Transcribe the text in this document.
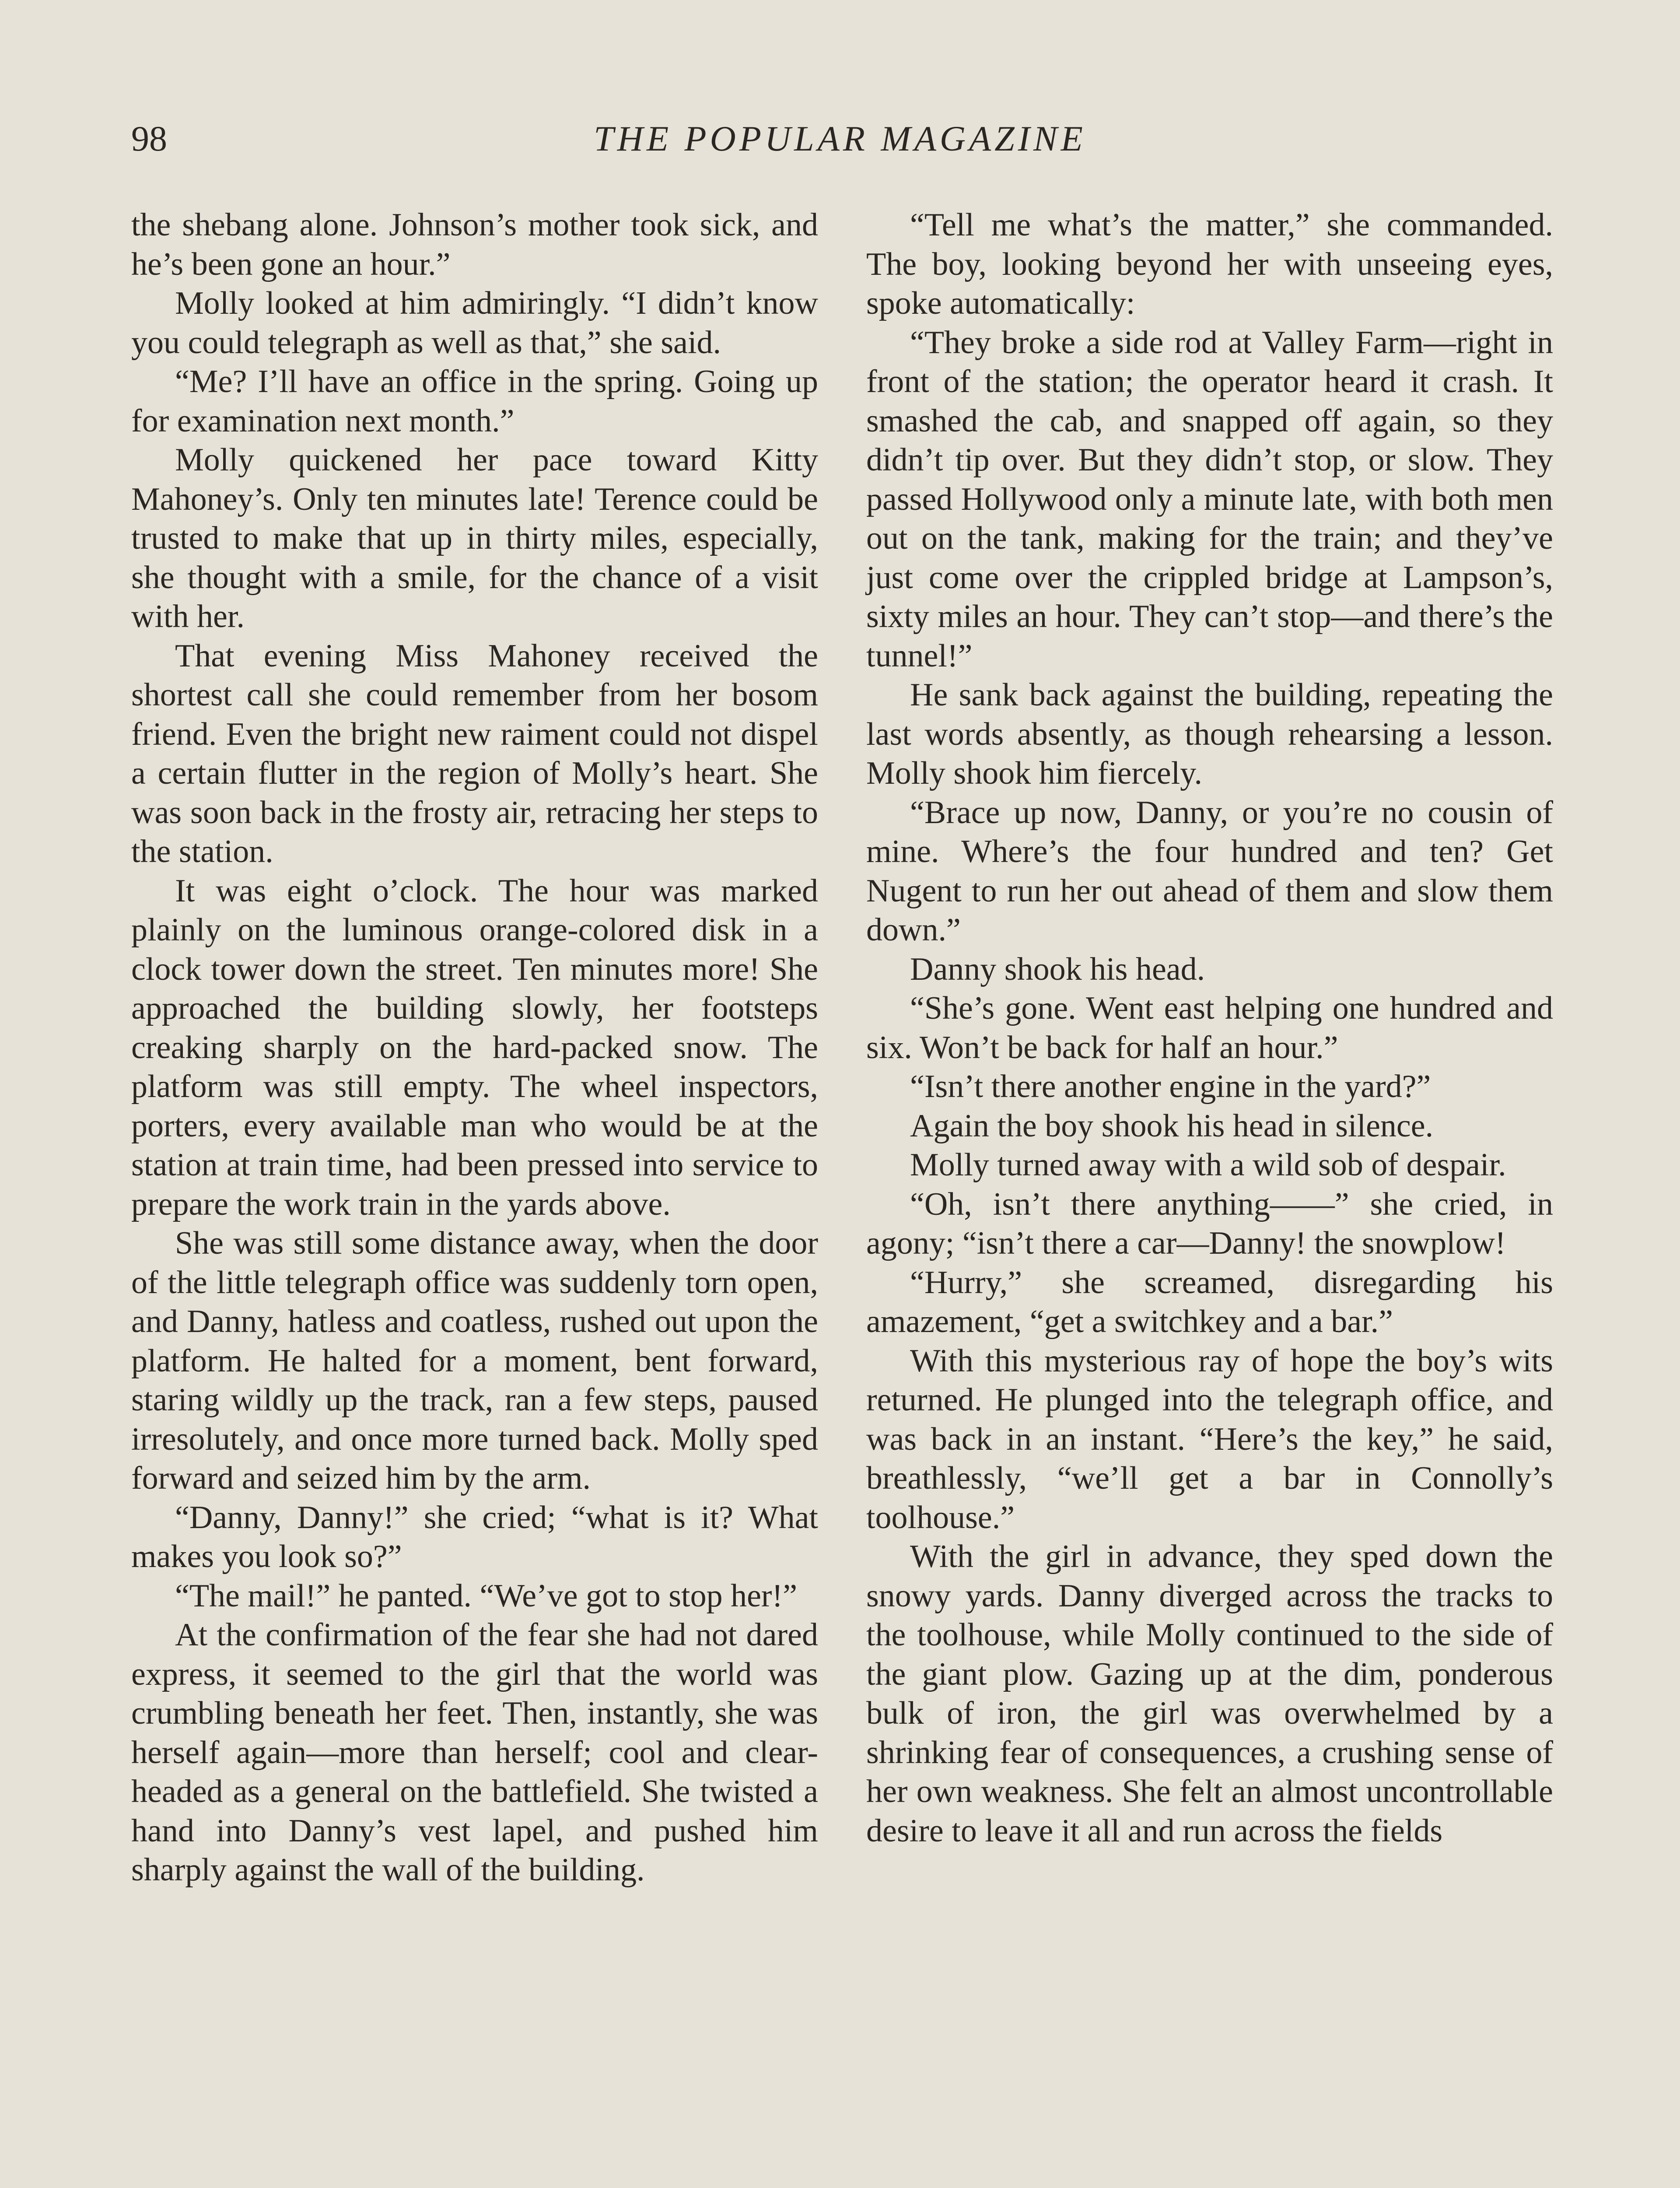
98	THE POPULAR MAGAZINE

the shebang alone. Johnson’s mother took sick, and he’s been gone an hour.”

Molly looked at him admiringly. “I didn’t know you could telegraph as well as that,” she said.

“Me? I’ll have an office in the spring. Going up for examination next month.”

Molly quickened her pace toward Kitty Mahoney’s. Only ten minutes late! Terence could be trusted to make that up in thirty miles, especially, she thought with a smile, for the chance of a visit with her.

That evening Miss Mahoney received the shortest call she could remember from her bosom friend. Even the bright new raiment could not dispel a certain flutter in the region of Molly’s heart. She was soon back in the frosty air, retracing her steps to the station.

It was eight o’clock. The hour was marked plainly on the luminous orange-colored disk in a clock tower down the street. Ten minutes more! She approached the building slowly, her footsteps creaking sharply on the hard-packed snow. The platform was still empty. The wheel inspectors, porters, every available man who would be at the station at train time, had been pressed into service to prepare the work train in the yards above.

She was still some distance away, when the door of the little telegraph office was suddenly torn open, and Danny, hatless and coatless, rushed out upon the platform. He halted for a moment, bent forward, staring wildly up the track, ran a few steps, paused irresolutely, and once more turned back. Molly sped forward and seized him by the arm.

“Danny, Danny!” she cried; “what is it? What makes you look so?”

“The mail!” he panted. “We’ve got to stop her!”

At the confirmation of the fear she had not dared express, it seemed to the girl that the world was crumbling beneath her feet. Then, instantly, she was herself again—more than herself; cool and clear-headed as a general on the battlefield. She twisted a hand into Danny’s vest lapel, and pushed him sharply against the wall of the building.

“Tell me what’s the matter,” she commanded. The boy, looking beyond her with unseeing eyes, spoke automatically:

“They broke a side rod at Valley Farm—right in front of the station; the operator heard it crash. It smashed the cab, and snapped off again, so they didn’t tip over. But they didn’t stop, or slow. They passed Hollywood only a minute late, with both men out on the tank, making for the train; and they’ve just come over the crippled bridge at Lampson’s, sixty miles an hour. They can’t stop—and there’s the tunnel!”

He sank back against the building, repeating the last words absently, as though rehearsing a lesson. Molly shook him fiercely.

“Brace up now, Danny, or you’re no cousin of mine. Where’s the four hundred and ten? Get Nugent to run her out ahead of them and slow them down.”

Danny shook his head.

“She’s gone. Went east helping one hundred and six. Won’t be back for half an hour.”

“Isn’t there another engine in the yard?”

Again the boy shook his head in silence.

Molly turned away with a wild sob of despair.

“Oh, isn’t there anything——” she cried, in agony; “isn’t there a car—Danny! the snowplow!

“Hurry,” she screamed, disregarding his amazement, “get a switchkey and a bar.”

With this mysterious ray of hope the boy’s wits returned. He plunged into the telegraph office, and was back in an instant. “Here’s the key,” he said, breathlessly, “we’ll get a bar in Connolly’s toolhouse.”

With the girl in advance, they sped down the snowy yards. Danny diverged across the tracks to the toolhouse, while Molly continued to the side of the giant plow. Gazing up at the dim, ponderous bulk of iron, the girl was overwhelmed by a shrinking fear of consequences, a crushing sense of her own weakness. She felt an almost uncontrollable desire to leave it all and run across the fields
